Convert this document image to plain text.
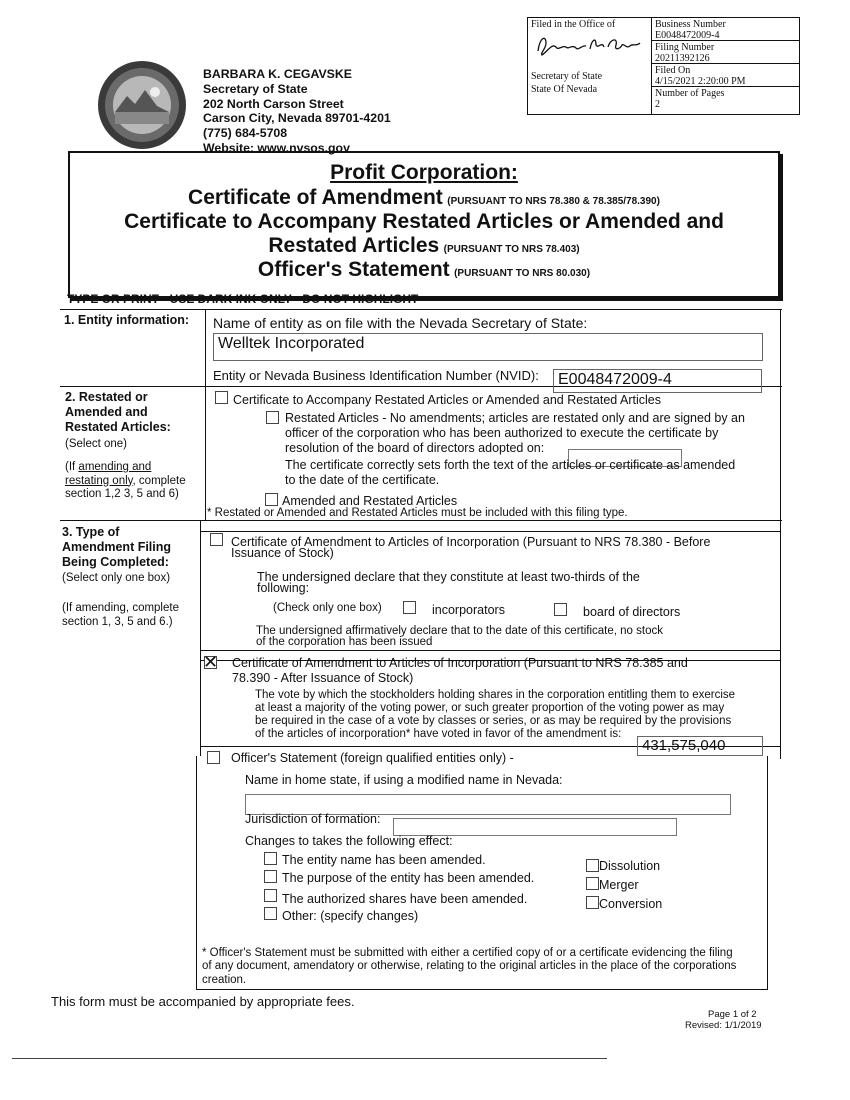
Filed in the Office of
Secretary of State
State Of Nevada
Business Number
E0048472009-4
Filing Number
20211392126
Filed On
4/15/2021 2:20:00 PM
Number of Pages
2
BARBARA K. CEGAVSKE
Secretary of State
202 North Carson Street
Carson City, Nevada 89701-4201
(775) 684-5708
Website: www.nvsos.gov
Profit Corporation:
Certificate of Amendment (PURSUANT TO NRS 78.380 & 78.385/78.390)
Certificate to Accompany Restated Articles or Amended and
Restated Articles (PURSUANT TO NRS 78.403)
Officer's Statement (PURSUANT TO NRS 80.030)
TYPE OR PRINT - USE DARK INK ONLY - DO NOT HIGHLIGHT
1. Entity information: Name of entity as on file with the Nevada Secretary of State:
Welltek Incorporated
Entity or Nevada Business Identification Number (NVID):	E0048472009-4
2. Restated or
Amended and
Restated Articles:
(Select one)
(If amending and
restating only, complete
section 1,2 3, 5 and 6)
Certificate to Accompany Restated Articles or Amended and Restated Articles
Restated Articles - No amendments; articles are restated only and are signed by an
officer of the corporation who has been authorized to execute the certificate by
resolution of the board of directors adopted on:
The certificate correctly sets forth the text of the articles or certificate as amended
to the date of the certificate.
Amended and Restated Articles
* Restated or Amended and Restated Articles must be included with this filing type.
3. Type of
Amendment Filing
Being Completed:
(Select only one box)
(If amending, complete
section 1, 3, 5 and 6.)
Certificate of Amendment to Articles of Incorporation (Pursuant to NRS 78.380 - Before
Issuance of Stock)
The undersigned declare that they constitute at least two-thirds of the
following:
(Check only one box)	incorporators	board of directors
The undersigned affirmatively declare that to the date of this certificate, no stock
of the corporation has been issued
✕ Certificate of Amendment to Articles of Incorporation (Pursuant to NRS 78.385 and
78.390 - After Issuance of Stock)
The vote by which the stockholders holding shares in the corporation entitling them to exercise
at least a majority of the voting power, or such greater proportion of the voting power as may
be required in the case of a vote by classes or series, or as may be required by the provisions
of the articles of incorporation* have voted in favor of the amendment is:
431,575,040
Officer's Statement (foreign qualified entities only) -
Name in home state, if using a modified name in Nevada:
Jurisdiction of formation:
Changes to takes the following effect:
The entity name has been amended.
The purpose of the entity has been amended.
The authorized shares have been amended.
Other: (specify changes)
Dissolution
Merger
Conversion
* Officer's Statement must be submitted with either a certified copy of or a certificate evidencing the filing
of any document, amendatory or otherwise, relating to the original articles in the place of the corporations
creation.
This form must be accompanied by appropriate fees.
Page 1 of 2
Revised: 1/1/2019
